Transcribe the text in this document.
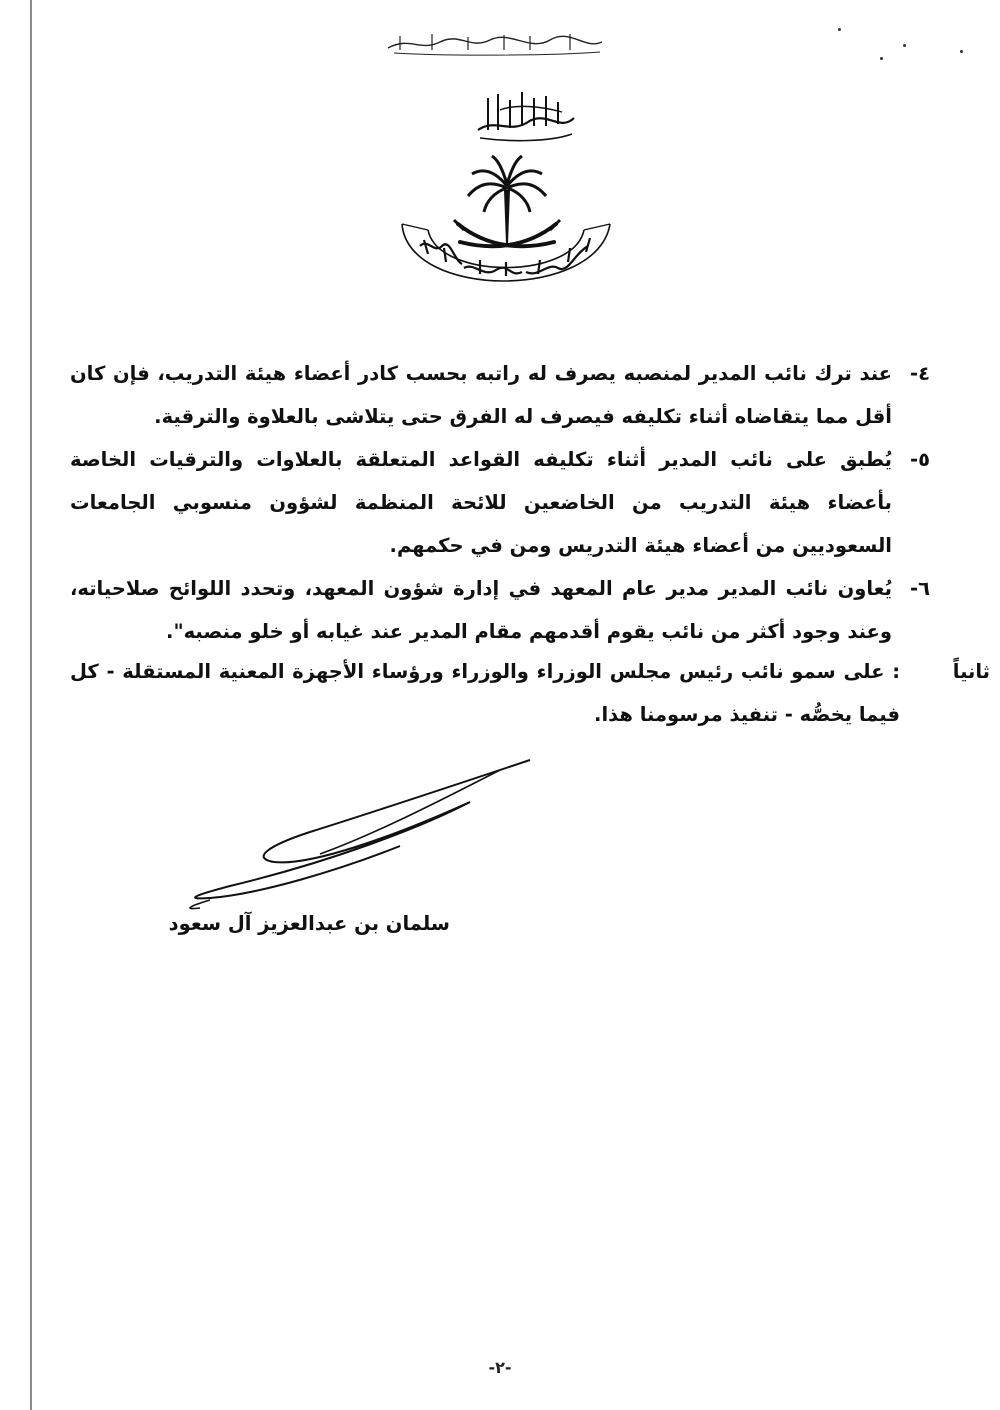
٤-
عند ترك نائب المدير لمنصبه يصرف له راتبه بحسب كادر أعضاء هيئة التدريب، فإن كان أقل مما يتقاضاه أثناء تكليفه فيصرف له الفرق حتى يتلاشى بالعلاوة والترقية.
٥-
يُطبق على نائب المدير أثناء تكليفه القواعد المتعلقة بالعلاوات والترقيات الخاصة بأعضاء هيئة التدريب من الخاضعين للائحة المنظمة لشؤون منسوبي الجامعات السعوديين من أعضاء هيئة التدريس ومن في حكمهم.
٦-
يُعاون نائب المدير مدير عام المعهد في إدارة شؤون المعهد، وتحدد اللوائح صلاحياته، وعند وجود أكثر من نائب يقوم أقدمهم مقام المدير عند غيابه أو خلو منصبه".
ثانياً
: على سمو نائب رئيس مجلس الوزراء والوزراء ورؤساء الأجهزة المعنية المستقلة - كل فيما يخصُّه - تنفيذ مرسومنا هذا.
سلمان بن عبدالعزيز آل سعود
-٢-
